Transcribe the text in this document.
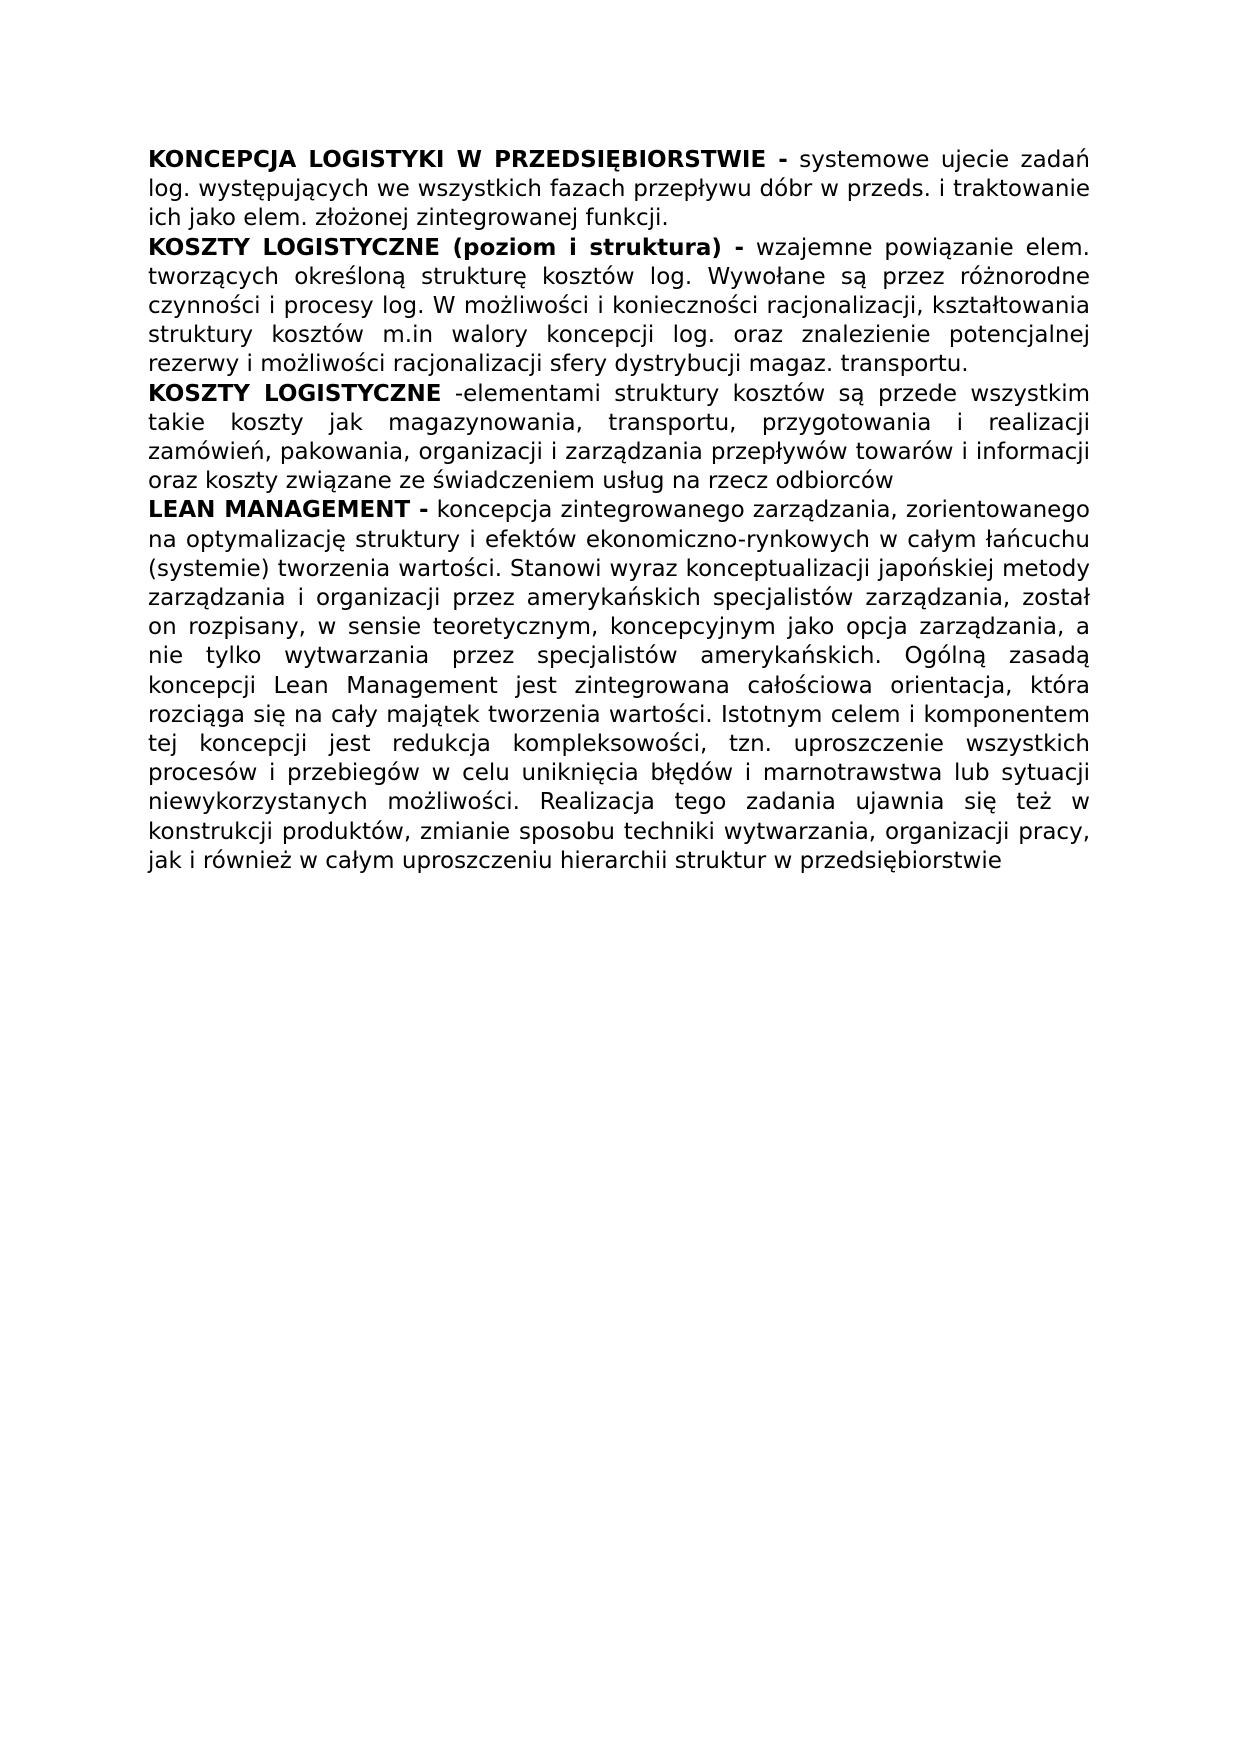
KONCEPCJA LOGISTYKI W PRZEDSIĘBIORSTWIE - systemowe ujecie zadań log. występujących we wszystkich fazach przepływu dóbr w przeds. i traktowanie ich jako elem. złożonej zintegrowanej funkcji.

KOSZTY LOGISTYCZNE (poziom i struktura) - wzajemne powiązanie elem. tworzących określoną strukturę kosztów log. Wywołane są przez różnorodne czynności i procesy log. W możliwości i konieczności racjonalizacji, kształtowania struktury kosztów m.in walory koncepcji log. oraz znalezienie potencjalnej rezerwy i możliwości racjonalizacji sfery dystrybucji magaz. transportu.

KOSZTY LOGISTYCZNE -elementami struktury kosztów są przede wszystkim takie koszty jak magazynowania, transportu, przygotowania i realizacji zamówień, pakowania, organizacji i zarządzania przepływów towarów i informacji oraz koszty związane ze świadczeniem usług na rzecz odbiorców

LEAN MANAGEMENT - koncepcja zintegrowanego zarządzania, zorientowanego na optymalizację struktury i efektów ekonomiczno-rynkowych w całym łańcuchu (systemie) tworzenia wartości. Stanowi wyraz konceptualizacji japońskiej metody zarządzania i organizacji przez amerykańskich specjalistów zarządzania, został on rozpisany, w sensie teoretycznym, koncepcyjnym jako opcja zarządzania, a nie tylko wytwarzania przez specjalistów amerykańskich. Ogólną zasadą koncepcji Lean Management jest zintegrowana całościowa orientacja, która rozciąga się na cały majątek tworzenia wartości. Istotnym celem i komponentem tej koncepcji jest redukcja kompleksowości, tzn. uproszczenie wszystkich procesów i przebiegów w celu uniknięcia błędów i marnotrawstwa lub sytuacji niewykorzystanych możliwości. Realizacja tego zadania ujawnia się też w konstrukcji produktów, zmianie sposobu techniki wytwarzania, organizacji pracy, jak i również w całym uproszczeniu hierarchii struktur w przedsiębiorstwie
